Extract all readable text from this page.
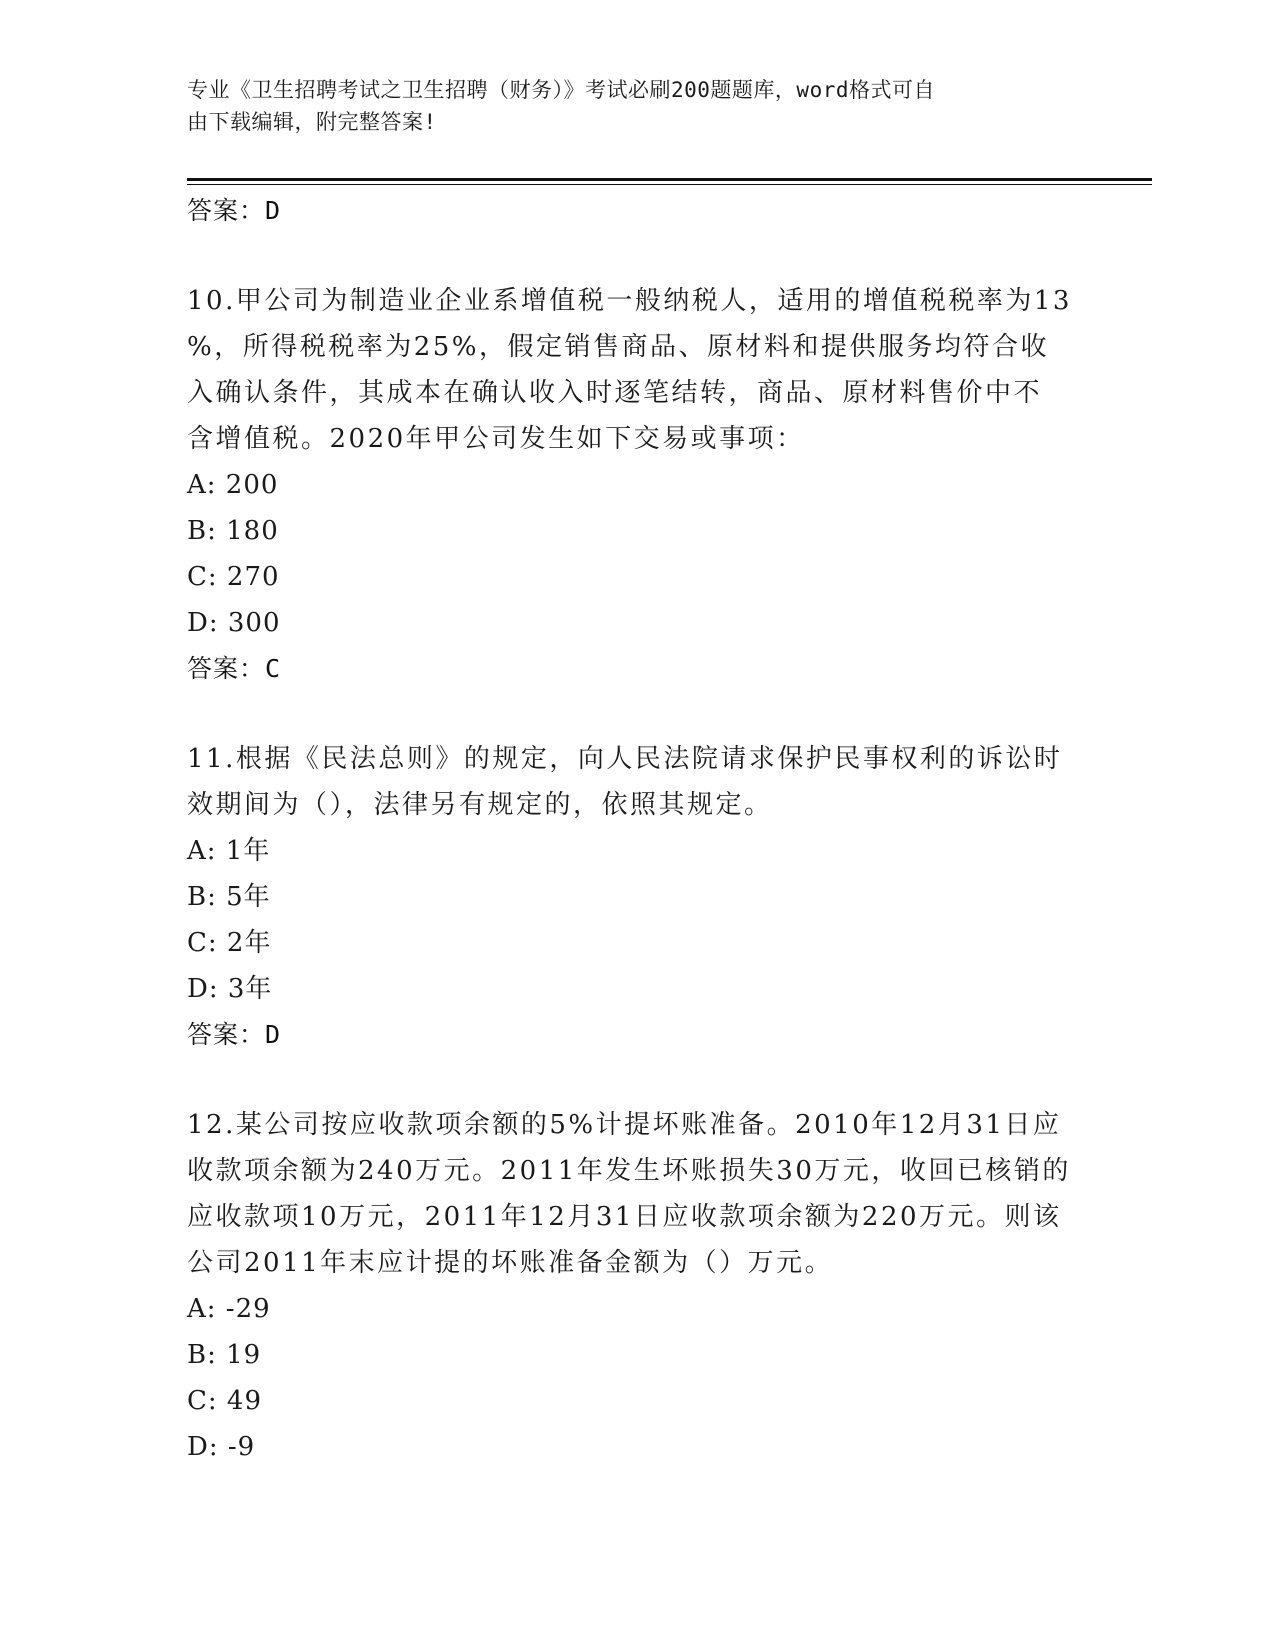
专业《卫生招聘考试之卫生招聘（财务）》考试必刷200题题库，word格式可自
由下载编辑，附完整答案!
答案：D
10.甲公司为制造业企业系增值税一般纳税人，适用的增值税税率为13
%，所得税税率为25%，假定销售商品、原材料和提供服务均符合收
入确认条件，其成本在确认收入时逐笔结转，商品、原材料售价中不
含增值税。2020年甲公司发生如下交易或事项：
A: 200
B: 180
C: 270
D: 300
答案：C
11.根据《民法总则》的规定，向人民法院请求保护民事权利的诉讼时
效期间为（），法律另有规定的，依照其规定。
A: 1年
B: 5年
C: 2年
D: 3年
答案：D
12.某公司按应收款项余额的5%计提坏账准备。2010年12月31日应
收款项余额为240万元。2011年发生坏账损失30万元，收回已核销的
应收款项10万元，2011年12月31日应收款项余额为220万元。则该
公司2011年末应计提的坏账准备金额为（）万元。
A: -29
B: 19
C: 49
D: -9
